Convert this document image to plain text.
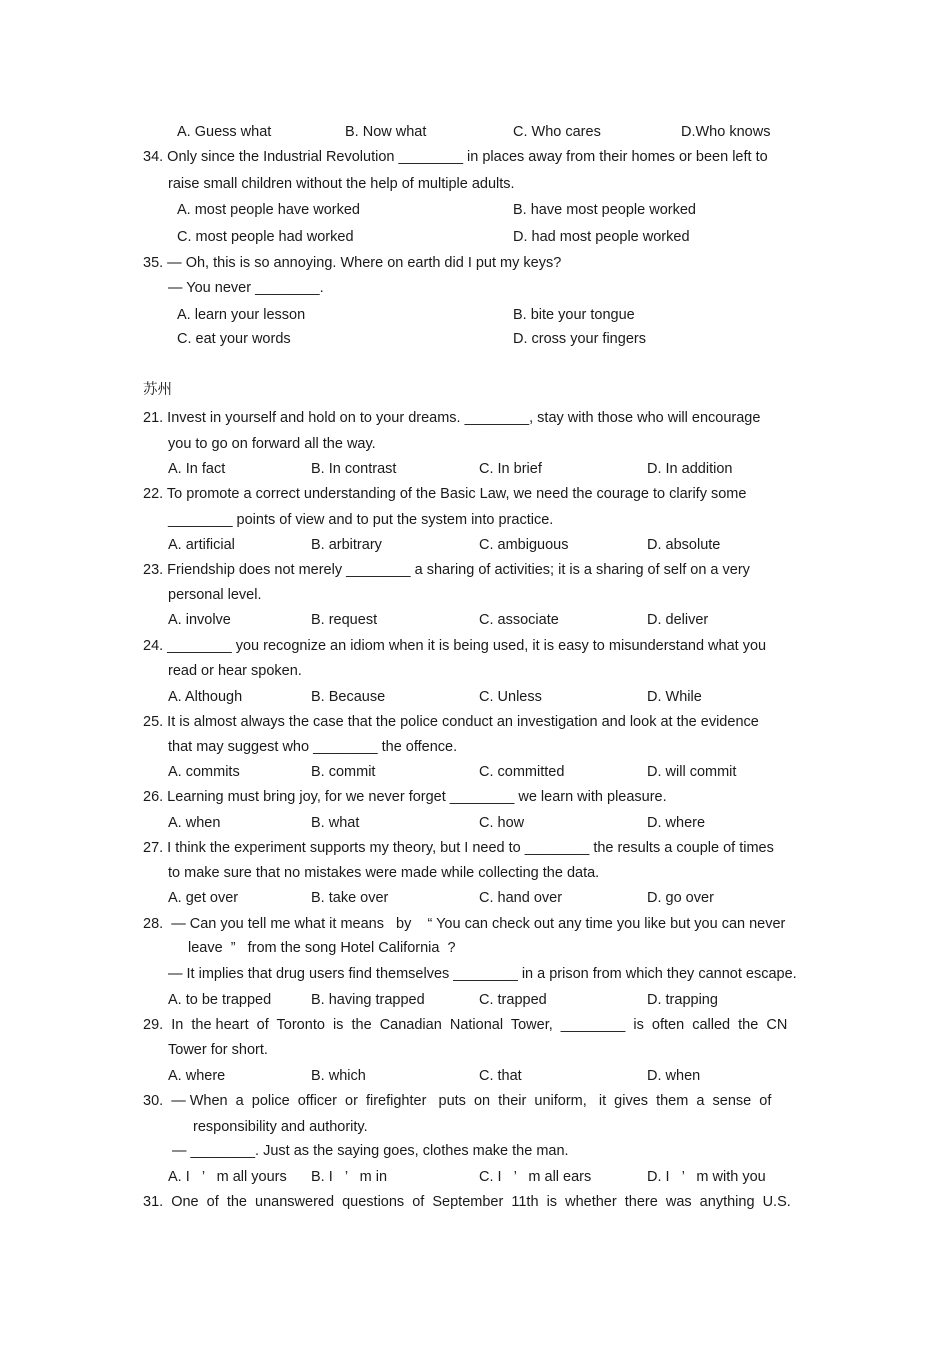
A. Guess what	B. Now what	C. Who cares	D.Who knows
34. Only since the Industrial Revolution ________ in places away from their homes or been left to
raise small children without the help of multiple adults.
A. most people have worked	B. have most people worked
C. most people had worked	D. had most people worked
35. — Oh, this is so annoying. Where on earth did I put my keys?
— You never ________.
A. learn your lesson	B. bite your tongue
C. eat your words	D. cross your fingers
苏州
21. Invest in yourself and hold on to your dreams. ________, stay with those who will encourage
you to go on forward all the way.
A. In fact	B. In contrast	C. In brief	D. In addition
22. To promote a correct understanding of the Basic Law, we need the courage to clarify some
________ points of view and to put the system into practice.
A. artificial	B. arbitrary	C. ambiguous	D. absolute
23. Friendship does not merely ________ a sharing of activities; it is a sharing of self on a very
personal level.
A. involve	B. request	C. associate	D. deliver
24. ________ you recognize an idiom when it is being used, it is easy to misunderstand what you
read or hear spoken.
A. Although	B. Because	C. Unless	D. While
25. It is almost always the case that the police conduct an investigation and look at the evidence
that may suggest who ________ the offence.
A. commits	B. commit	C. committed	D. will commit
26. Learning must bring joy, for we never forget ________ we learn with pleasure.
A. when	B. what	C. how	D. where
27. I think the experiment supports my theory, but I need to ________ the results a couple of times
to make sure that no mistakes were made while collecting the data.
A. get over	B. take over	C. hand over	D. go over
28.  — Can you tell me what it means   by    “ You can check out any time you like but you can never
leave  ”   from the song Hotel California  ?
— It implies that drug users find themselves ________ in a prison from which they cannot escape.
A. to be trapped	B. having trapped	C. trapped	D. trapping
29.  In  the heart  of  Toronto  is  the  Canadian  National  Tower,  ________  is  often  called  the  CN
Tower for short.
A. where	B. which	C. that	D. when
30.  — When  a  police  officer  or  firefighter   puts  on  their  uniform,   it  gives  them  a  sense  of
responsibility and authority.
— ________. Just as the saying goes, clothes make the man.
A. I   ’   m all yours B. I   ’   m in	C. I   ’   m all ears	D. I   ’   m with you
31.  One  of  the  unanswered  questions  of  September  11th  is  whether  there  was  anything  U.S.
